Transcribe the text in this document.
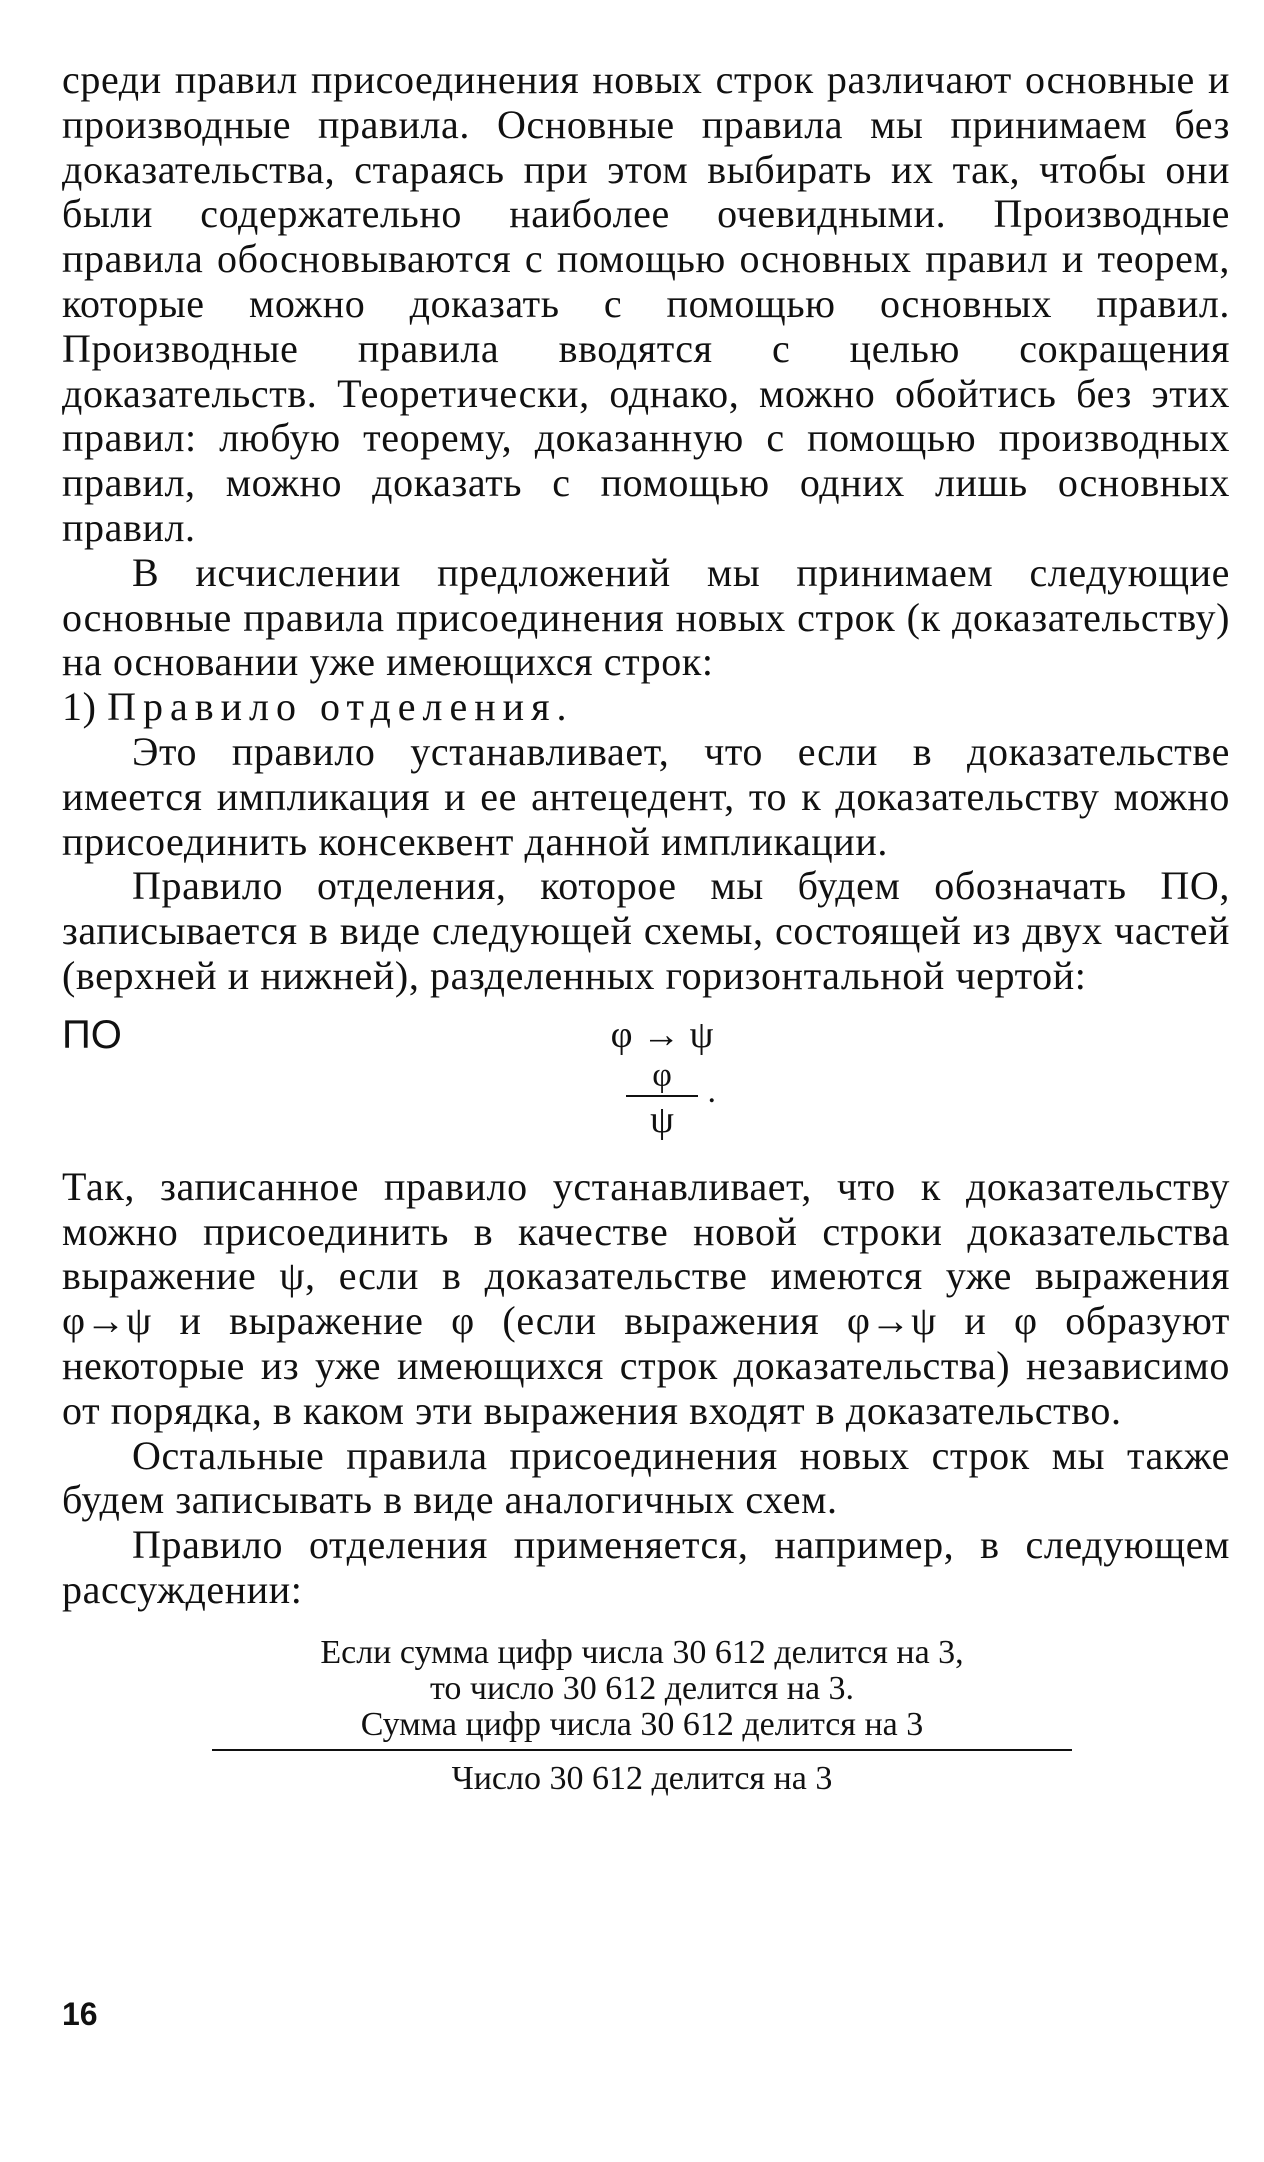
среди правил присоединения новых строк различают основные и производные правила. Основные правила мы принимаем без доказательства, стараясь при этом выбирать их так, чтобы они были содержательно наиболее очевидными. Производные правила обосновываются с помощью основных правил и теорем, которые можно доказать с помощью основных правил. Производные правила вводятся с целью сокращения доказательств. Теоретически, однако, можно обойтись без этих правил: любую теорему, доказанную с помощью производных правил, можно доказать с помощью одних лишь основных правил.

В исчислении предложений мы принимаем следующие основные правила присоединения новых строк (к доказательству) на основании уже имеющихся строк:

1) Правило отделения.

Это правило устанавливает, что если в доказательстве имеется импликация и ее антецедент, то к доказательству можно присоединить консеквент данной импликации.

Правило отделения, которое мы будем обозначать ПО, записывается в виде следующей схемы, состоящей из двух частей (верхней и нижней), разделенных горизонтальной чертой:

ПО	φ → ψ
φ	.
ψ

Так, записанное правило устанавливает, что к доказательству можно присоединить в качестве новой строки доказательства выражение ψ, если в доказательстве имеются уже выражения φ→ψ и выражение φ (если выражения φ→ψ и φ образуют некоторые из уже имеющихся строк доказательства) независимо от порядка, в каком эти выражения входят в доказательство.

Остальные правила присоединения новых строк мы также будем записывать в виде аналогичных схем.

Правило отделения применяется, например, в следующем рассуждении:

Если сумма цифр числа 30 612 делится на 3,
то число 30 612 делится на 3.
Сумма цифр числа 30 612 делится на 3
Число 30 612 делится на 3
16
